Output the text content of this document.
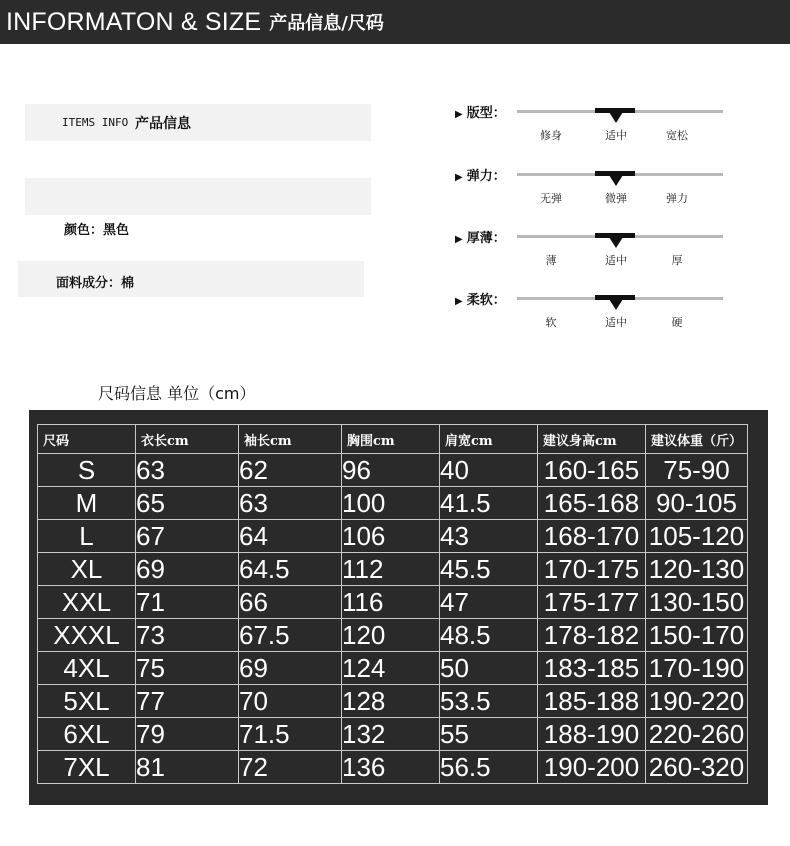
INFORMATON & SIZE 产品信息/尺码
ITEMS INFO 产品信息
颜色：黑色
面料成分：棉
▶ 版型：
修身	适中	宽松
▶ 弹力：
无弹	微弹	弹力
▶ 厚薄：
薄	适中	厚
▶ 柔软：
软	适中	硬
尺码信息 单位（cm）
尺码	衣长cm	袖长cm	胸围cm	肩宽cm	建议身高cm	建议体重（斤）
S	63	62	96	40	160-165	75-90
M	65	63	100	41.5	165-168	90-105
L	67	64	106	43	168-170	105-120
XL	69	64.5	112	45.5	170-175	120-130
XXL	71	66	116	47	175-177	130-150
XXXL	73	67.5	120	48.5	178-182	150-170
4XL	75	69	124	50	183-185	170-190
5XL	77	70	128	53.5	185-188	190-220
6XL	79	71.5	132	55	188-190	220-260
7XL	81	72	136	56.5	190-200	260-320
